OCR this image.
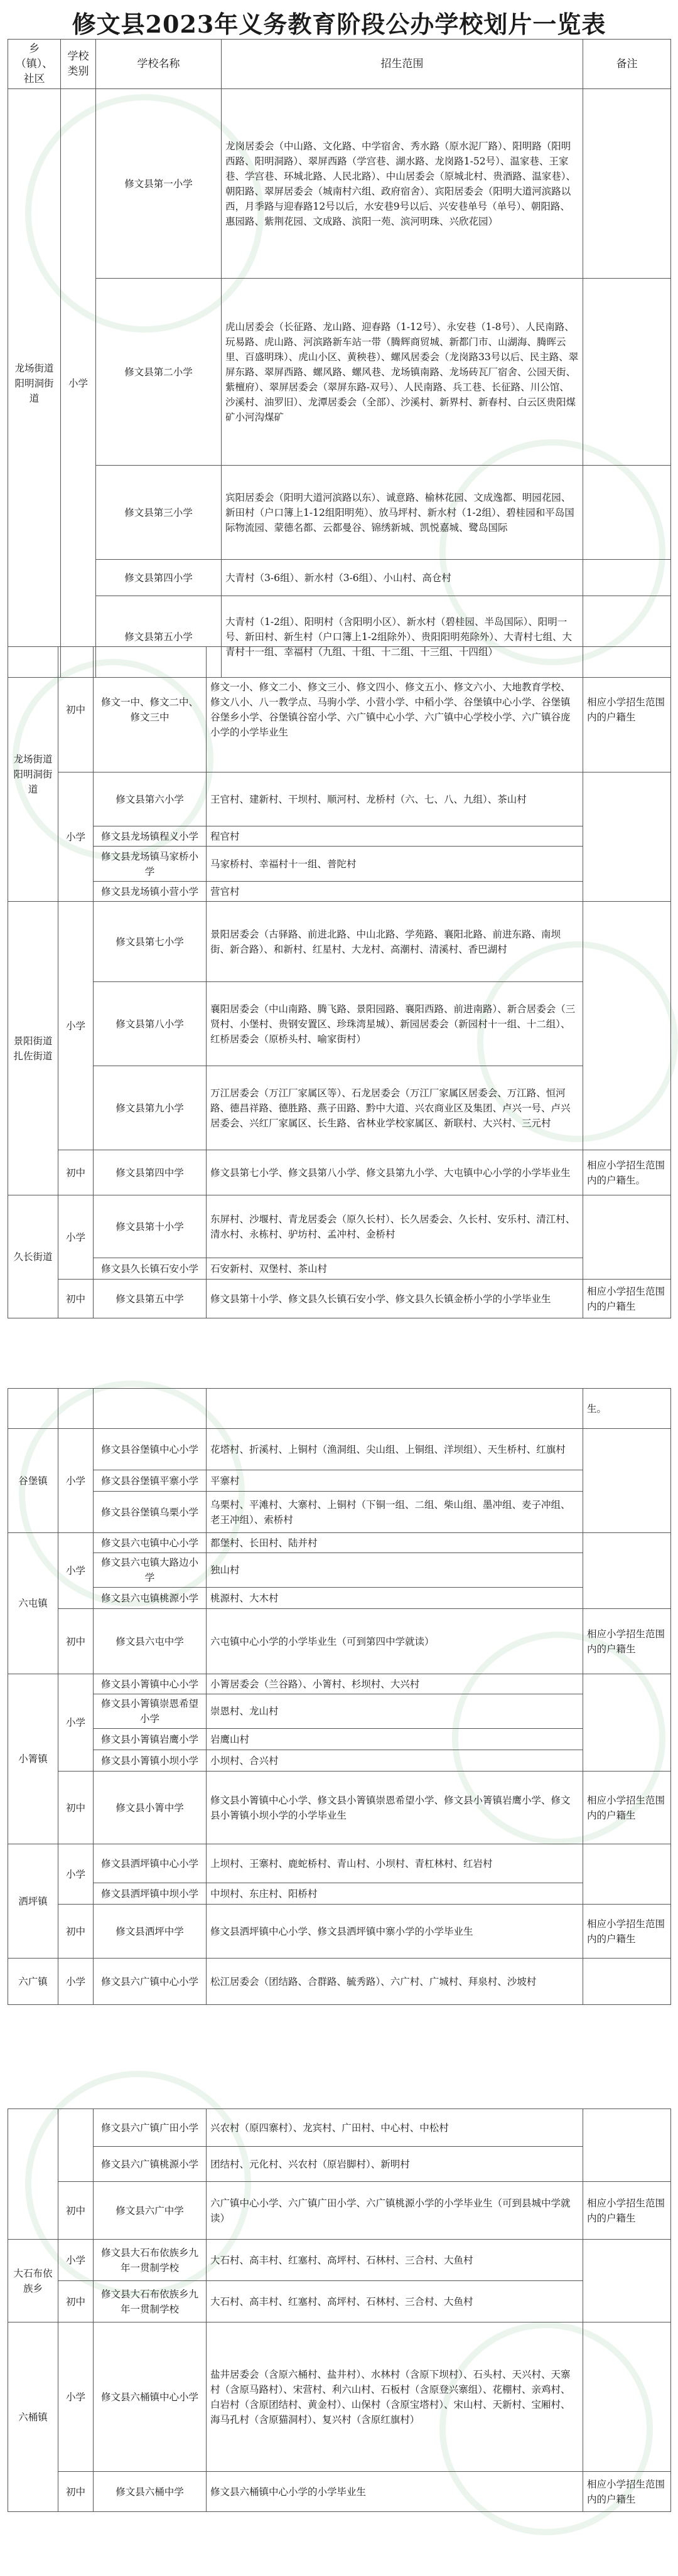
修文县2023年义务教育阶段公办学校划片一览表
乡（镇）、社区	学校类别	学校名称	招生范围	备注
龙场街道阳明洞街道	小学	修文县第一小学	龙岗居委会（中山路、文化路、中学宿舍、秀水路（原水泥厂路）、阳明路（阳明西路、阳明洞路）、翠屏西路（学宫巷、湖水路、龙岗路1-52号）、温家巷、王家巷、学宫巷、环城北路、人民北路）、中山居委会（原城北村、贵酒路、温家巷）、朝阳路、翠屏居委会（城南村六组、政府宿舍）、宾阳居委会（阳明大道河滨路以西，月季路与迎春路12号以后，水安巷9号以后、兴安巷单号（单号）、朝阳路、惠园路、紫荆花园、文成路、滨阳一苑、滨河明珠、兴欣花园）	
		修文县第二小学	虎山居委会（长征路、龙山路、迎春路（1-12号）、永安巷（1-8号）、人民南路、玩易路、虎山路、河滨路新车站一带（腾辉商贸城、新都门市、山湖海、腾晖云里、百盛明珠）、虎山小区、黄秧巷）、螺风居委会（龙岗路33号以后、民主路、翠屏东路、翠屏西路、螺风路、螺风巷、龙场镇南路、龙场砖瓦厂宿舍、公园天街、紫檀府）、翠屏居委会（翠屏东路-双号）、人民南路、兵工巷、长征路、川公馆、沙溪村、油罗旧）、龙潭居委会（全部）、沙溪村、新界村、新春村、白云区贵阳煤矿小河沟煤矿	
		修文县第三小学	宾阳居委会（阳明大道河滨路以东）、诚意路、榆林花园、文成逸都、明园花园、新田村（户口簿上1-12组阳明苑）、放马坪村、新水村（1-2组）、碧桂园和平岛国际物流园、蒙德名都、云都曼谷、锦绣新城、凯悦嘉城、鹭岛国际	
		修文县第四小学	大青村（3-6组）、新水村（3-6组）、小山村、高仓村	
		修文县第五小学	大青村（1-2组）、阳明村（含阳明小区）、新水村（碧桂园、半岛国际）、阳明一号、新田村、新生村（户口簿上1-2组除外）、贵阳阳明苑除外）、大青村七组、大青村十一组、幸福村（九组、十组、十二组、十三组、十四组）	
龙场街道阳明洞街道	初中	修文一中、修文二中、修文三中	修文一小、修文二小、修文三小、修文四小、修文五小、修文六小、大地教育学校、修文八小、八一教学点、马驹小学、小营小学、中稻小学、谷堡镇中心小学、谷堡镇谷堡乡小学、谷堡镇谷窑小学、六广镇中心小学、六广镇中心学校小学、六广镇谷庞小学的小学毕业生	相应小学招生范围内的户籍生
	小学	修文县第六小学	王官村、建新村、干坝村、顺河村、龙桥村（六、七、八、九组）、茶山村	
		修文县龙场镇程义小学	程官村	
		修文县龙场镇马家桥小学	马家桥村、幸福村十一组、普陀村	
		修文县龙场镇小营小学	营官村	
景阳街道扎佐街道	小学	修文县第七小学	景阳居委会（古驿路、前进北路、中山北路、学苑路、襄阳北路、前进东路、南坝街、新合路）、和新村、红星村、大龙村、高潮村、清溪村、香巴湖村	
		修文县第八小学	襄阳居委会（中山南路、腾飞路、景阳园路、襄阳西路、前进南路）、新合居委会（三贤村、小堡村、贵钢安置区、珍珠湾星城）、新园居委会（新园村十一组、十二组）、红桥居委会（原桥头村、喻家街村）	
		修文县第九小学	万江居委会（万江厂家属区等）、石龙居委会（万江厂家属区居委会、万江路、恒河路、德昌祥路、德胜路、燕子田路、黔中大道、兴农商业区及集团、卢兴一号、卢兴居委会、兴红厂家属区、长生路、省林业学校家属区、新联村、大兴村、三元村	
	初中	修文县第四中学	修文县第七小学、修文县第八小学、修文县第九小学、大屯镇中心小学的小学毕业生	相应小学招生范围内的户籍生。
久长街道	小学	修文县第十小学	东屏村、沙堰村、青龙居委会（原久长村）、长久居委会、久长村、安乐村、清江村、清水村、永栋村、驴坊村、孟冲村、金桥村	
		修文县久长镇石安小学	石安新村、双堡村、茶山村	
	初中	修文县第五中学	修文县第十小学、修文县久长镇石安小学、修文县久长镇金桥小学的小学毕业生	相应小学招生范围内的户籍生
				生。
谷堡镇	小学	修文县谷堡镇中心小学	花塔村、折溪村、上铜村（渔洞组、尖山组、上铜组、洋坝组）、天生桥村、红旗村	
		修文县谷堡镇平寨小学	平寨村	
		修文县谷堡镇乌栗小学	乌栗村、平滩村、大寨村、上铜村（下铜一组、二组、柴山组、墨冲组、麦子冲组、老王冲组）、索桥村	
六屯镇	小学	修文县六屯镇中心小学	都堡村、长田村、陆并村	
		修文县六屯镇大路边小学	独山村	
		修文县六屯镇桃源小学	桃源村、大木村	
	初中	修文县六屯中学	六屯镇中心小学的小学毕业生（可到第四中学就读）	相应小学招生范围内的户籍生
小箐镇	小学	修文县小箐镇中心小学	小箐居委会（兰谷路）、小箐村、杉坝村、大兴村	
		修文县小箐镇崇恩希望小学	崇恩村、龙山村	
		修文县小箐镇岩鹰小学	岩鹰山村	
		修文县小箐镇小坝小学	小坝村、合兴村	
	初中	修文县小箐中学	修文县小箐镇中心小学、修文县小箐镇崇恩希望小学、修文县小箐镇岩鹰小学、修文县小箐镇小坝小学的小学毕业生	相应小学招生范围内的户籍生
洒坪镇	小学	修文县洒坪镇中心小学	上坝村、王寨村、鹿蛇桥村、青山村、小坝村、青杠林村、红岩村	
		修文县洒坪镇中坝小学	中坝村、东庄村、阳桥村	
	初中	修文县洒坪中学	修文县洒坪镇中心小学、修文县洒坪镇中寨小学的小学毕业生	相应小学招生范围内的户籍生
六广镇	小学	修文县六广镇中心小学	松江居委会（团结路、合群路、毓秀路）、六广村、广城村、拜泉村、沙坡村	
		修文县六广镇广田小学	兴农村（原四寨村）、龙宾村、广田村、中心村、中松村	
		修文县六广镇桃源小学	团结村、元化村、兴农村（原岩脚村）、新明村	
	初中	修文县六广中学	六广镇中心小学、六广镇广田小学、六广镇桃源小学的小学毕业生（可到县城中学就读）	相应小学招生范围内的户籍生
大石布依族乡	小学	修文县大石布依族乡九年一贯制学校	大石村、高丰村、红塞村、高坪村、石林村、三合村、大鱼村	
	初中	修文县大石布依族乡九年一贯制学校	大石村、高丰村、红塞村、高坪村、石林村、三合村、大鱼村	
六桶镇	小学	修文县六桶镇中心小学	盐井居委会（含原六桶村、盐井村）、水林村（含原下坝村）、石头村、天兴村、天寨村（含原马路村）、宋营村、利六山村、石板村（含原登兴寨组）、花棚村、亲鸡村、白岩村（含原团结村、黄金村）、山保村（含原宝塔村）、宋山村、天新村、宝厢村、海马孔村（含原猫洞村）、复兴村（含原红旗村）	
	初中	修文县六桶中学	修文县六桶镇中心小学的小学毕业生	相应小学招生范围内的户籍生
